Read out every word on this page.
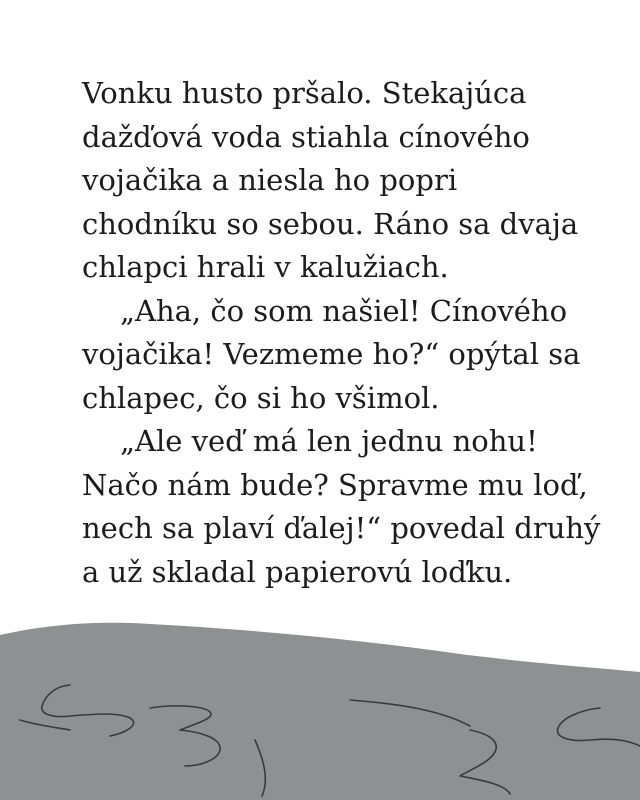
Vonku husto pršalo. Stekajúca
dažďová voda stiahla cínového
vojačika a niesla ho popri
chodníku so sebou. Ráno sa dvaja
chlapci hrali v kalužiach.
„Aha, čo som našiel! Cínového
vojačika! Vezmeme ho?“ opýtal sa
chlapec, čo si ho všimol.
„Ale veď má len jednu nohu!
Načo nám bude? Spravme mu loď,
nech sa plaví ďalej!“ povedal druhý
a už skladal papierovú loďku.
